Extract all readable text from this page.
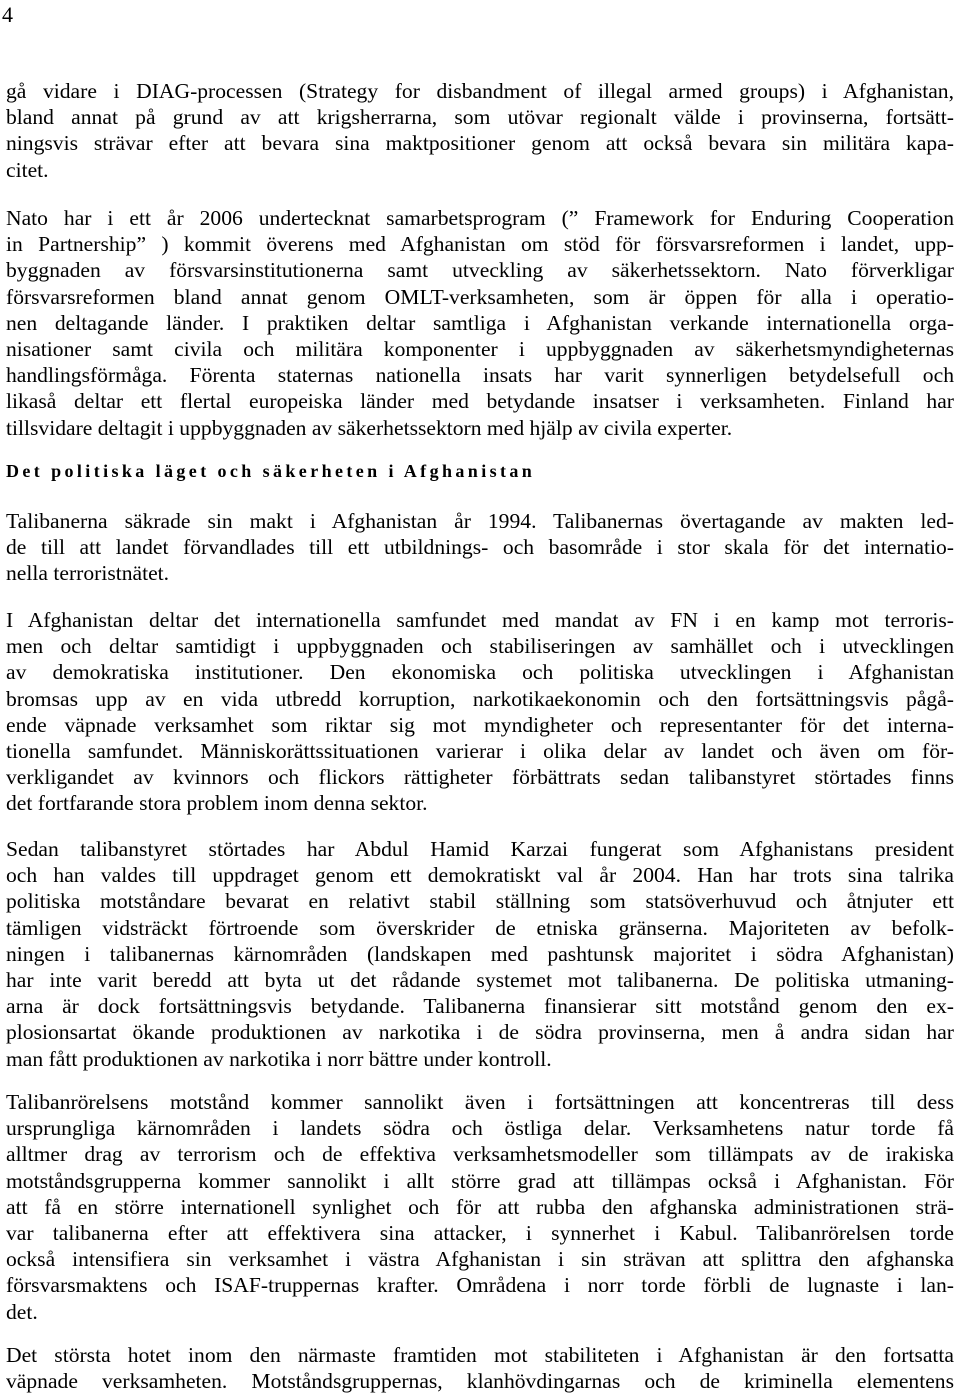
4
gå vidare i DIAG-processen (Strategy for disbandment of illegal armed groups) i Afghanistan,
bland annat på grund av att krigsherrarna, som utövar regionalt välde i provinserna, fortsätt-
ningsvis strävar efter att bevara sina maktpositioner genom att också bevara sin militära kapa-
citet.
Nato har i ett år 2006 undertecknat samarbetsprogram (” Framework for Enduring Cooperation
in Partnership” ) kommit överens med Afghanistan om stöd för försvarsreformen i landet, upp-
byggnaden av försvarsinstitutionerna samt utveckling av säkerhetssektorn. Nato förverkligar
försvarsreformen bland annat genom OMLT-verksamheten, som är öppen för alla i operatio-
nen deltagande länder. I praktiken deltar samtliga i Afghanistan verkande internationella orga-
nisationer samt civila och militära komponenter i uppbyggnaden av säkerhetsmyndigheternas
handlingsförmåga. Förenta staternas nationella insats har varit synnerligen betydelsefull och
likaså deltar ett flertal europeiska länder med betydande insatser i verksamheten. Finland har
tillsvidare deltagit i uppbyggnaden av säkerhetssektorn med hjälp av civila experter.
Det politiska läget och säkerheten i Afghanistan
Talibanerna säkrade sin makt i Afghanistan år 1994. Talibanernas övertagande av makten led-
de till att landet förvandlades till ett utbildnings- och basområde i stor skala för det internatio-
nella terroristnätet.
I Afghanistan deltar det internationella samfundet med mandat av FN i en kamp mot terroris-
men och deltar samtidigt i uppbyggnaden och stabiliseringen av samhället och i utvecklingen
av demokratiska institutioner. Den ekonomiska och politiska utvecklingen i Afghanistan
bromsas upp av en vida utbredd korruption, narkotikaekonomin och den fortsättningsvis pågå-
ende väpnade verksamhet som riktar sig mot myndigheter och representanter för det interna-
tionella samfundet. Människorättssituationen varierar i olika delar av landet och även om för-
verkligandet av kvinnors och flickors rättigheter förbättrats sedan talibanstyret störtades finns
det fortfarande stora problem inom denna sektor.
Sedan talibanstyret störtades har Abdul Hamid Karzai fungerat som Afghanistans president
och han valdes till uppdraget genom ett demokratiskt val år 2004. Han har trots sina talrika
politiska motståndare bevarat en relativt stabil ställning som statsöverhuvud och åtnjuter ett
tämligen vidsträckt förtroende som överskrider de etniska gränserna. Majoriteten av befolk-
ningen i talibanernas kärnområden (landskapen med pashtunsk majoritet i södra Afghanistan)
har inte varit beredd att byta ut det rådande systemet mot talibanerna. De politiska utmaning-
arna är dock fortsättningsvis betydande. Talibanerna finansierar sitt motstånd genom den ex-
plosionsartat ökande produktionen av narkotika i de södra provinserna, men å andra sidan har
man fått produktionen av narkotika i norr bättre under kontroll.
Talibanrörelsens motstånd kommer sannolikt även i fortsättningen att koncentreras till dess
ursprungliga kärnområden i landets södra och östliga delar. Verksamhetens natur torde få
alltmer drag av terrorism och de effektiva verksamhetsmodeller som tillämpats av de irakiska
motståndsgrupperna kommer sannolikt i allt större grad att tillämpas också i Afghanistan. För
att få en större internationell synlighet och för att rubba den afghanska administrationen strä-
var talibanerna efter att effektivera sina attacker, i synnerhet i Kabul. Talibanrörelsen torde
också intensifiera sin verksamhet i västra Afghanistan i sin strävan att splittra den afghanska
försvarsmaktens och ISAF-truppernas krafter. Områdena i norr torde förbli de lugnaste i lan-
det.
Det största hotet inom den närmaste framtiden mot stabiliteten i Afghanistan är den fortsatta
väpnade verksamheten. Motståndsgruppernas, klanhövdingarnas och de kriminella elementens
